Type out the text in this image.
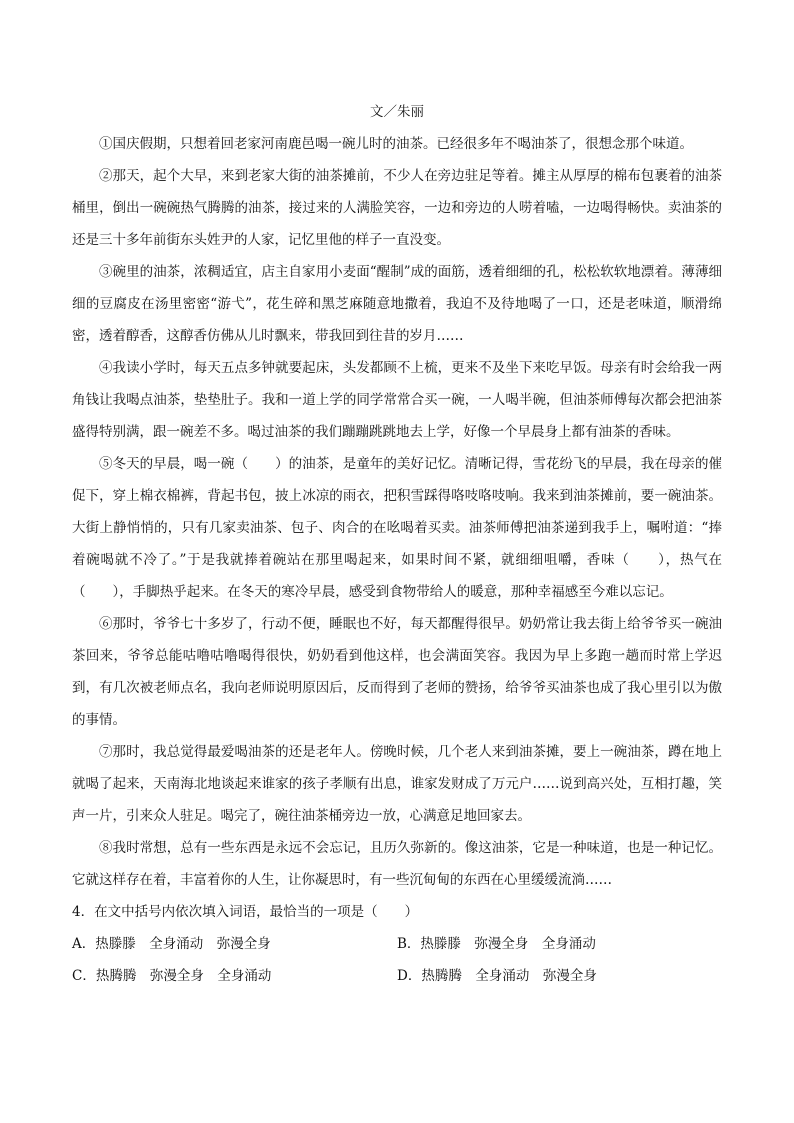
文／朱丽

①国庆假期，只想着回老家河南鹿邑喝一碗儿时的油茶。已经很多年不喝油茶了，很想念那个味道。

②那天，起个大早，来到老家大街的油茶摊前，不少人在旁边驻足等着。摊主从厚厚的棉布包裹着的油茶桶里，倒出一碗碗热气腾腾的油茶，接过来的人满脸笑容，一边和旁边的人唠着嗑，一边喝得畅快。卖油茶的还是三十多年前街东头姓尹的人家，记忆里他的样子一直没变。

③碗里的油茶，浓稠适宜，店主自家用小麦面“醒制”成的面筋，透着细细的孔，松松软软地漂着。薄薄细细的豆腐皮在汤里密密“游弋”，花生碎和黑芝麻随意地撒着，我迫不及待地喝了一口，还是老味道，顺滑绵密，透着醇香，这醇香仿佛从儿时飘来，带我回到往昔的岁月……

④我读小学时，每天五点多钟就要起床，头发都顾不上梳，更来不及坐下来吃早饭。母亲有时会给我一两角钱让我喝点油茶，垫垫肚子。我和一道上学的同学常常合买一碗，一人喝半碗，但油茶师傅每次都会把油茶盛得特别满，跟一碗差不多。喝过油茶的我们蹦蹦跳跳地去上学，好像一个早晨身上都有油茶的香味。

⑤冬天的早晨，喝一碗（　　）的油茶，是童年的美好记忆。清晰记得，雪花纷飞的早晨，我在母亲的催促下，穿上棉衣棉裤，背起书包，披上冰凉的雨衣，把积雪踩得咯吱咯吱响。我来到油茶摊前，要一碗油茶。大街上静悄悄的，只有几家卖油茶、包子、肉合的在吆喝着买卖。油茶师傅把油茶递到我手上，嘱咐道：“捧着碗喝就不冷了。”于是我就捧着碗站在那里喝起来，如果时间不紧，就细细咀嚼，香味（　　），热气在（　　），手脚热乎起来。在冬天的寒冷早晨，感受到食物带给人的暖意，那种幸福感至今难以忘记。

⑥那时，爷爷七十多岁了，行动不便，睡眠也不好，每天都醒得很早。奶奶常让我去街上给爷爷买一碗油茶回来，爷爷总能咕噜咕噜喝得很快，奶奶看到他这样，也会满面笑容。我因为早上多跑一趟而时常上学迟到，有几次被老师点名，我向老师说明原因后，反而得到了老师的赞扬，给爷爷买油茶也成了我心里引以为傲的事情。

⑦那时，我总觉得最爱喝油茶的还是老年人。傍晚时候，几个老人来到油茶摊，要上一碗油茶，蹲在地上就喝了起来，天南海北地谈起来谁家的孩子孝顺有出息，谁家发财成了万元户……说到高兴处，互相打趣，笑声一片，引来众人驻足。喝完了，碗往油茶桶旁边一放，心满意足地回家去。

⑧我时常想，总有一些东西是永远不会忘记，且历久弥新的。像这油茶，它是一种味道，也是一种记忆。它就这样存在着，丰富着你的人生，让你凝思时，有一些沉甸甸的东西在心里缓缓流淌……

4．在文中括号内依次填入词语，最恰当的一项是（　　）

A．热滕滕　全身涌动　弥漫全身	B．热滕滕　弥漫全身　全身涌动
C．热腾腾　弥漫全身　全身涌动	D．热腾腾　全身涌动　弥漫全身
